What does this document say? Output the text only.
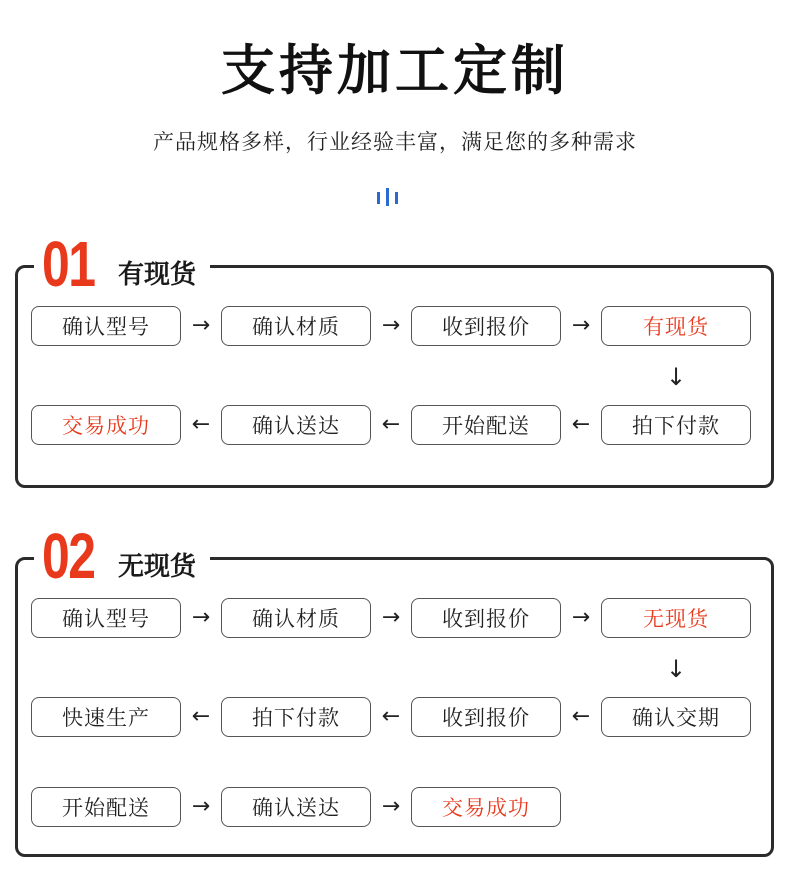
支持加工定制
产品规格多样，行业经验丰富，满足您的多种需求
01 有现货
确认型号	→	确认材质	→	收到报价	→	有现货
↓
交易成功	←	确认送达	←	开始配送	←	拍下付款
02 无现货
确认型号	→	确认材质	→	收到报价	→	无现货
↓
快速生产	←	拍下付款	←	收到报价	←	确认交期
开始配送	→	确认送达	→	交易成功
